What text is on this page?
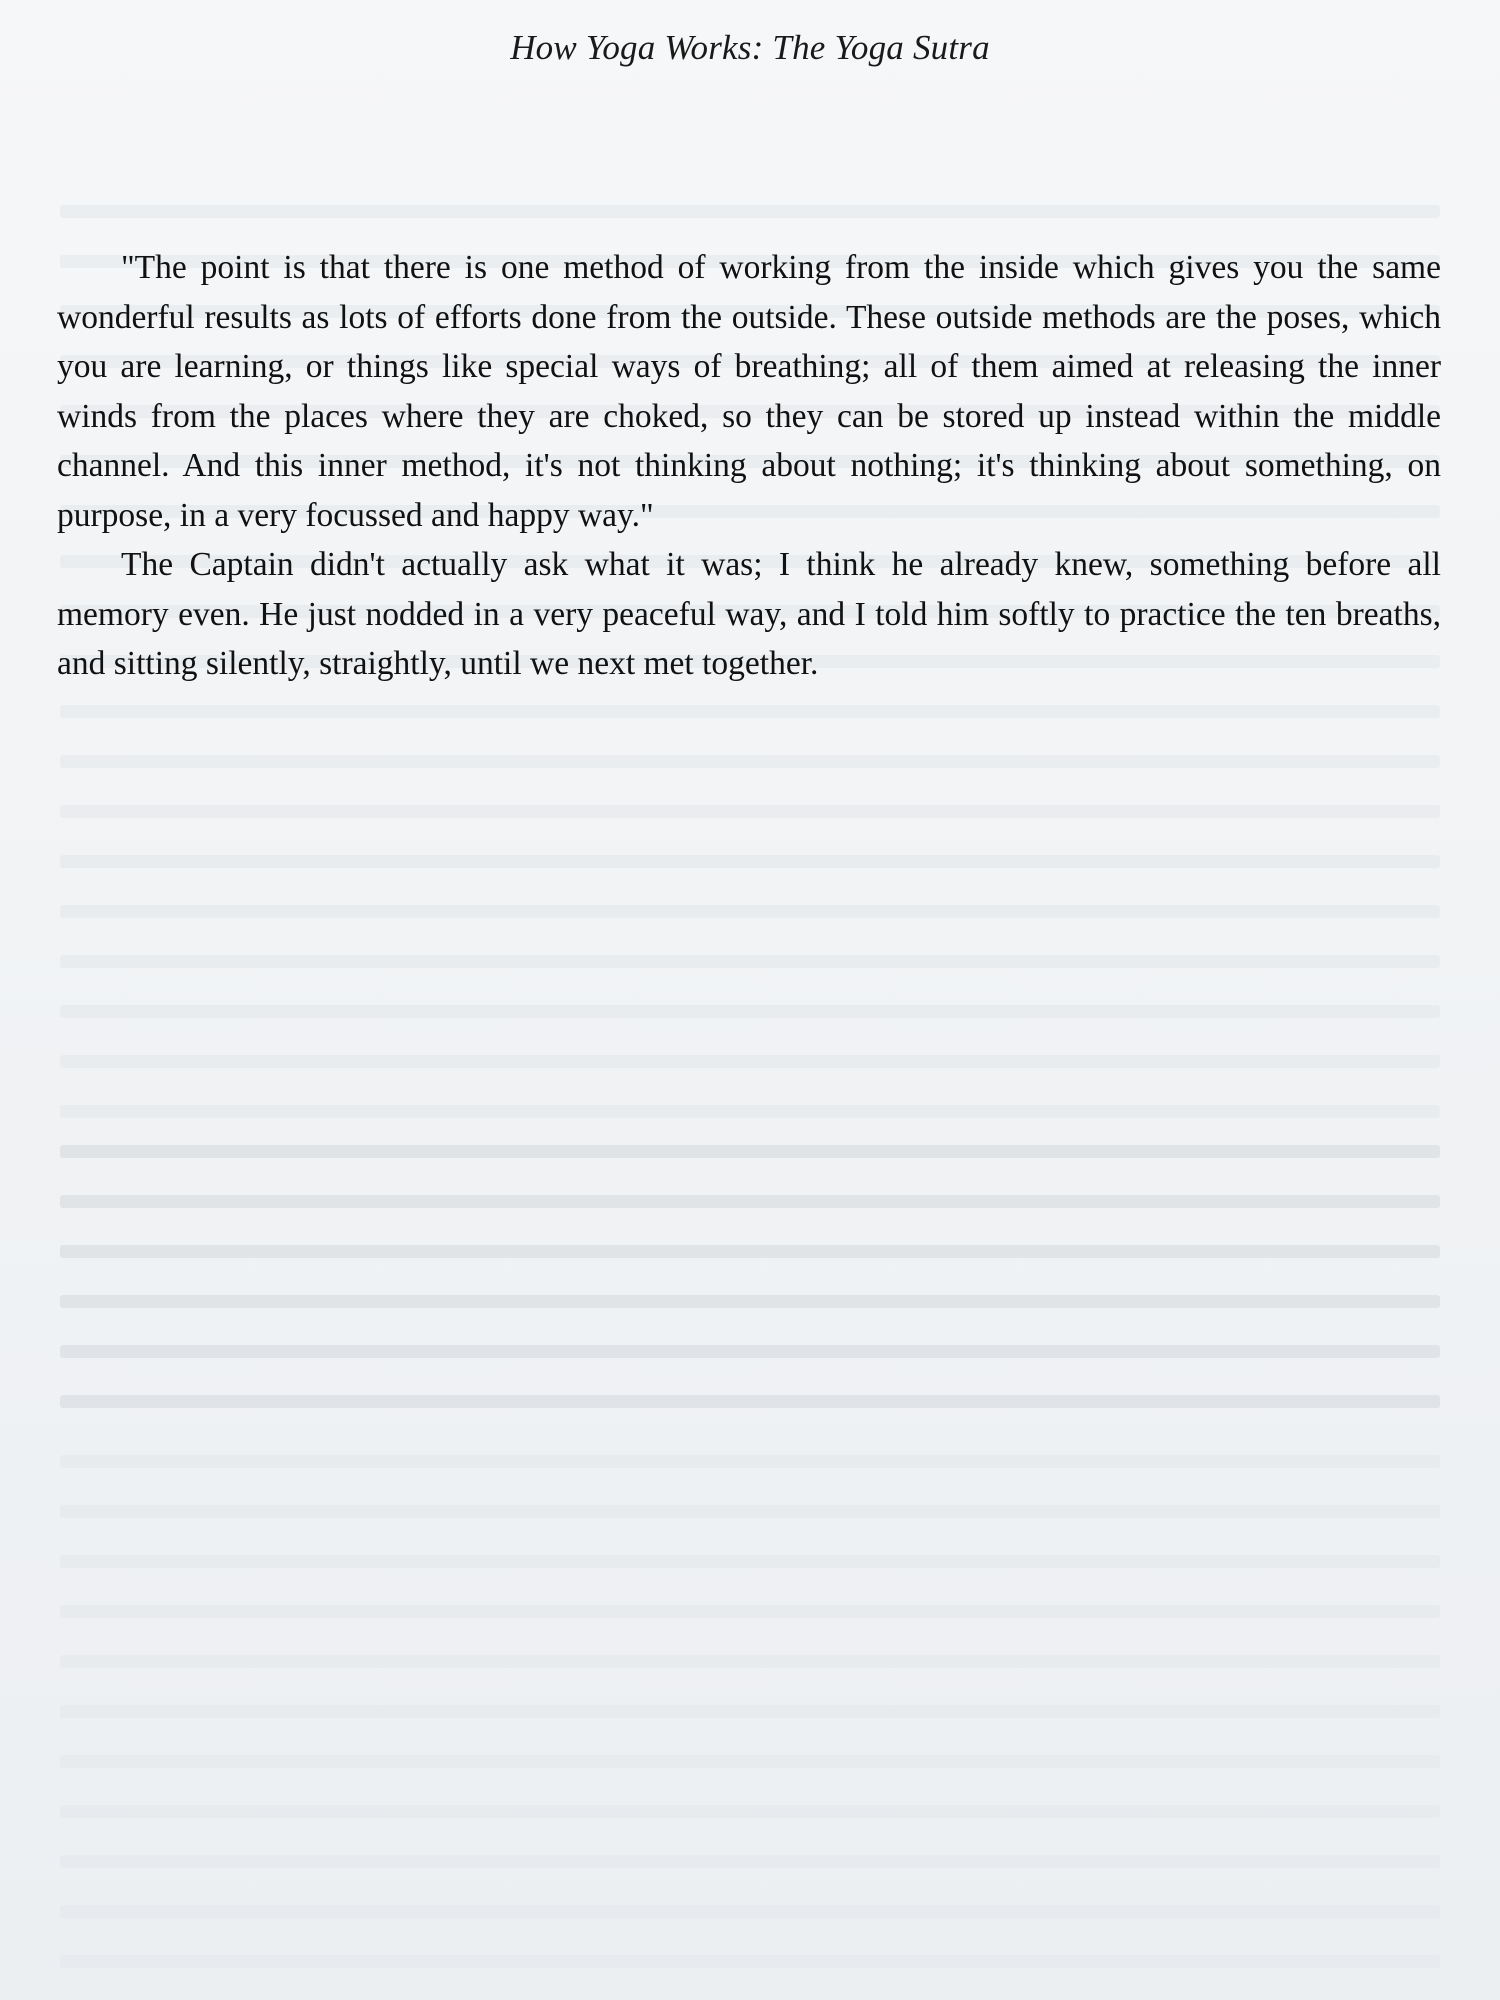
How Yoga Works: The Yoga Sutra

"The point is that there is one method of working from the inside which gives you the same wonderful results as lots of efforts done from the outside. These outside methods are the poses, which you are learning, or things like special ways of breathing; all of them aimed at releasing the inner winds from the places where they are choked, so they can be stored up instead within the middle channel. And this inner method, it's not thinking about nothing; it's thinking about something, on purpose, in a very focussed and happy way."

The Captain didn't actually ask what it was; I think he already knew, something before all memory even. He just nodded in a very peaceful way, and I told him softly to practice the ten breaths, and sitting silently, straightly, until we next met together.
